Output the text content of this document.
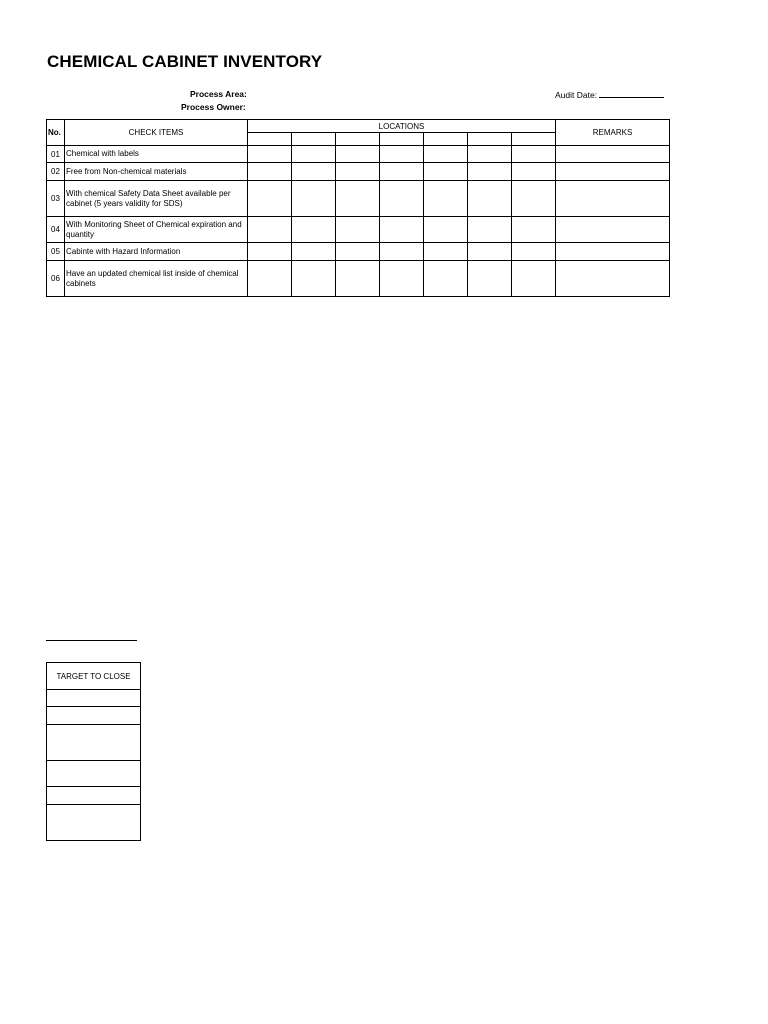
CHEMICAL CABINET INVENTORY
Process Area:
Process Owner:
Audit Date:
No.	CHECK ITEMS	LOCATIONS							REMARKS

01	Chemical with labels								
02	Free from Non-chemical materials								
03	With chemical Safety Data Sheet available per cabinet (5 years validity for SDS)								
04	With Monitoring Sheet of Chemical expiration and quantity								
05	Cabinte with Hazard Information								
06	Have an updated chemical list inside of chemical cabinets								
TARGET TO CLOSE
